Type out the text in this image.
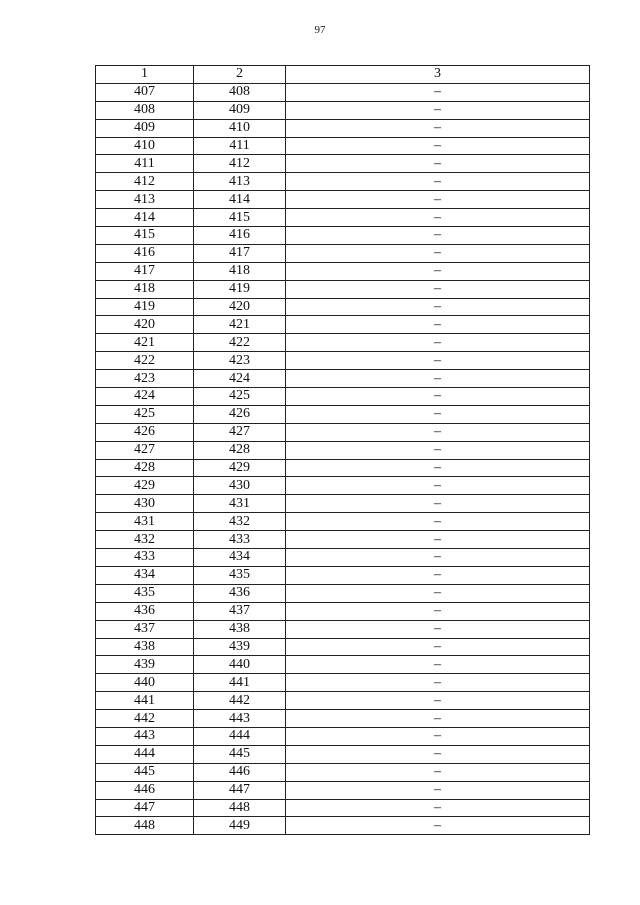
97
1	2	3
407	408	–
408	409	–
409	410	–
410	411	–
411	412	–
412	413	–
413	414	–
414	415	–
415	416	–
416	417	–
417	418	–
418	419	–
419	420	–
420	421	–
421	422	–
422	423	–
423	424	–
424	425	–
425	426	–
426	427	–
427	428	–
428	429	–
429	430	–
430	431	–
431	432	–
432	433	–
433	434	–
434	435	–
435	436	–
436	437	–
437	438	–
438	439	–
439	440	–
440	441	–
441	442	–
442	443	–
443	444	–
444	445	–
445	446	–
446	447	–
447	448	–
448	449	–
